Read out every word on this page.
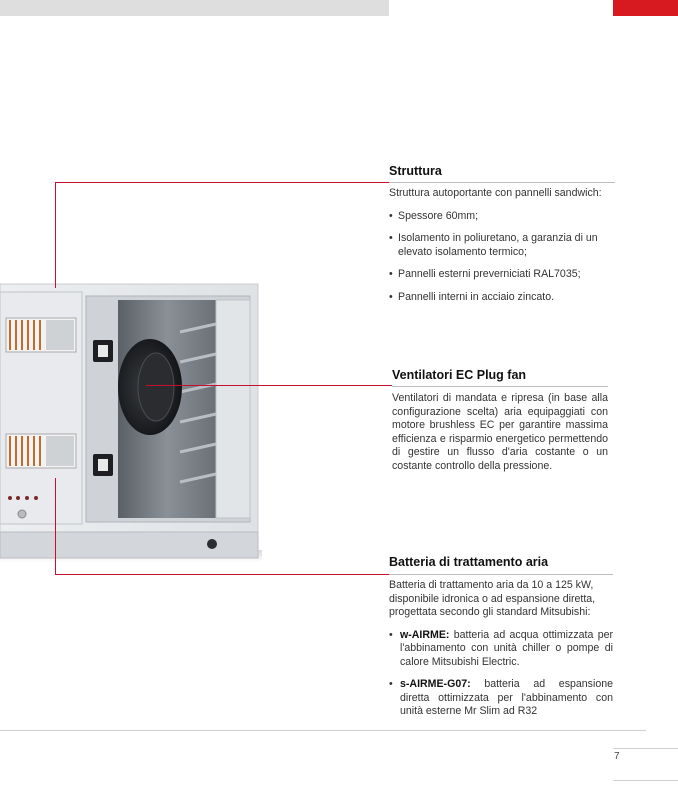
Struttura

Struttura autoportante con pannelli sandwich:

• Spessore 60mm;
• Isolamento in poliuretano, a garanzia di un elevato isolamento termico;
• Pannelli esterni preverniciati RAL7035;
• Pannelli interni in acciaio zincato.
Ventilatori EC Plug fan
Ventilatori di mandata e ripresa (in base alla configurazione scelta) aria equipaggiati con motore brushless EC per garantire massima efficienza e risparmio energetico permettendo di gestire un flusso d'aria costante o un costante controllo della pressione.
Batteria di trattamento aria

Batteria di trattamento aria da 10 a 125 kW, disponibile idronica o ad espansione diretta, progettata secondo gli standard Mitsubishi:

• w-AIRME: batteria ad acqua ottimizzata per l'abbinamento con unità chiller o pompe di calore Mitsubishi Electric.
• s-AIRME-G07: batteria ad espansione diretta ottimizzata per l'abbinamento con unità esterne Mr Slim ad R32
7
